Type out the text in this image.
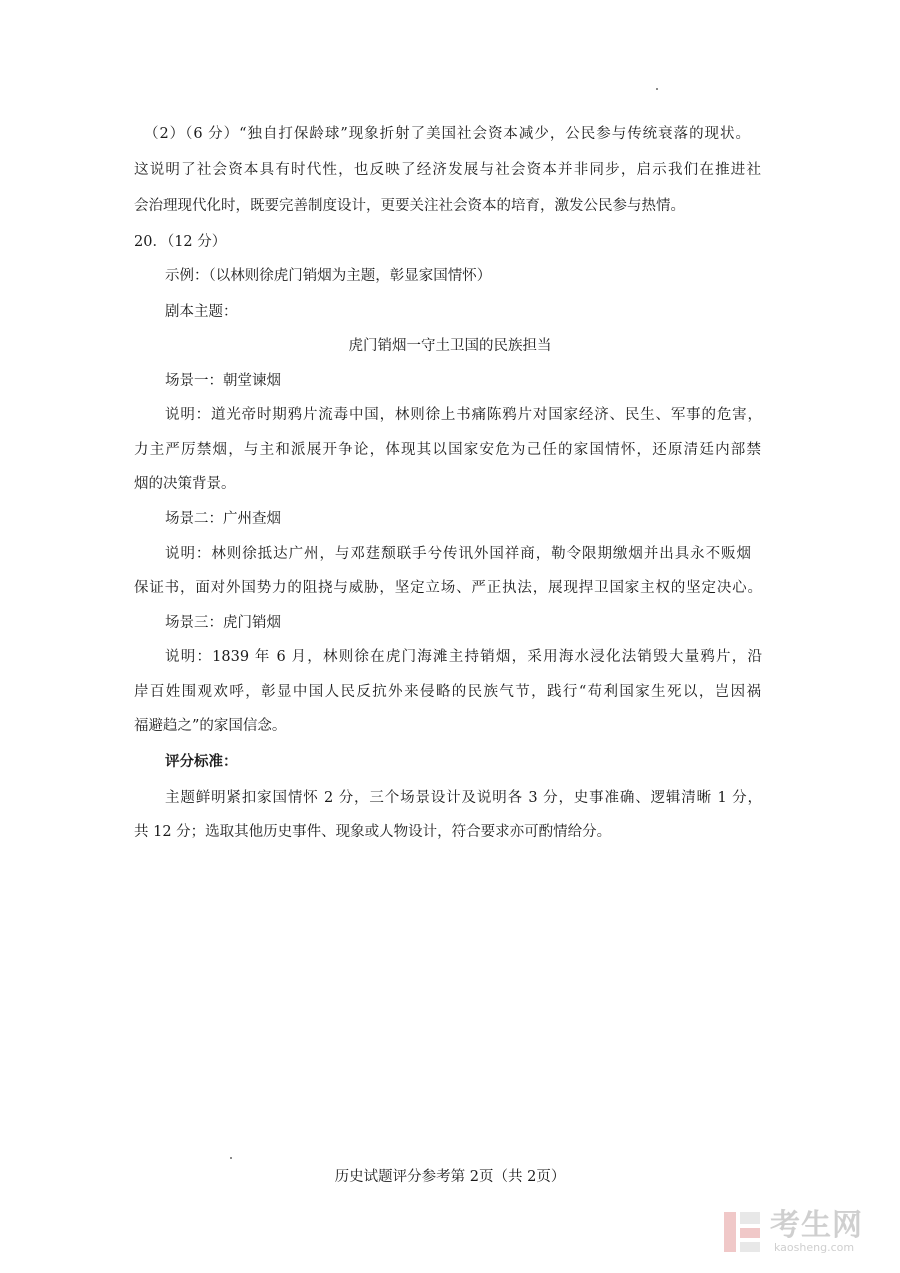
（2）（6 分）“独自打保龄球”现象折射了美国社会资本减少，公民参与传统衰落的现状。
这说明了社会资本具有时代性，也反映了经济发展与社会资本并非同步，启示我们在推进社
会治理现代化时，既要完善制度设计，更要关注社会资本的培育，激发公民参与热情。
20．（12 分）
示例：（以林则徐虎门销烟为主题，彰显家国情怀）
剧本主题：
虎门销烟一守土卫国的民族担当
场景一：朝堂谏烟
说明：道光帝时期鸦片流毒中国，林则徐上书痛陈鸦片对国家经济、民生、军事的危害，
力主严厉禁烟，与主和派展开争论，体现其以国家安危为己任的家国情怀，还原清廷内部禁
烟的决策背景。
场景二：广州查烟
说明：林则徐抵达广州，与邓莛颓联手兮传讯外国祥商，勒令限期缴烟并出具永不贩烟
保证书，面对外国势力的阻挠与威胁，坚定立场、严正执法，展现捍卫国家主权的坚定决心。
场景三：虎门销烟
说明：1839 年 6 月，林则徐在虎门海滩主持销烟，采用海水浸化法销毁大量鸦片，沿
岸百姓围观欢呼，彰显中国人民反抗外来侵略的民族气节，践行“苟利国家生死以，岂因祸
福避趋之”的家国信念。
评分标准：
主题鲜明紧扣家国情怀 2 分，三个场景设计及说明各 3 分，史事准确、逻辑清晰 1 分，
共 12 分；选取其他历史事件、现象或人物设计，符合要求亦可酌情给分。
历史试题评分参考第 2页（共 2页）
考生网
kaosheng.com
